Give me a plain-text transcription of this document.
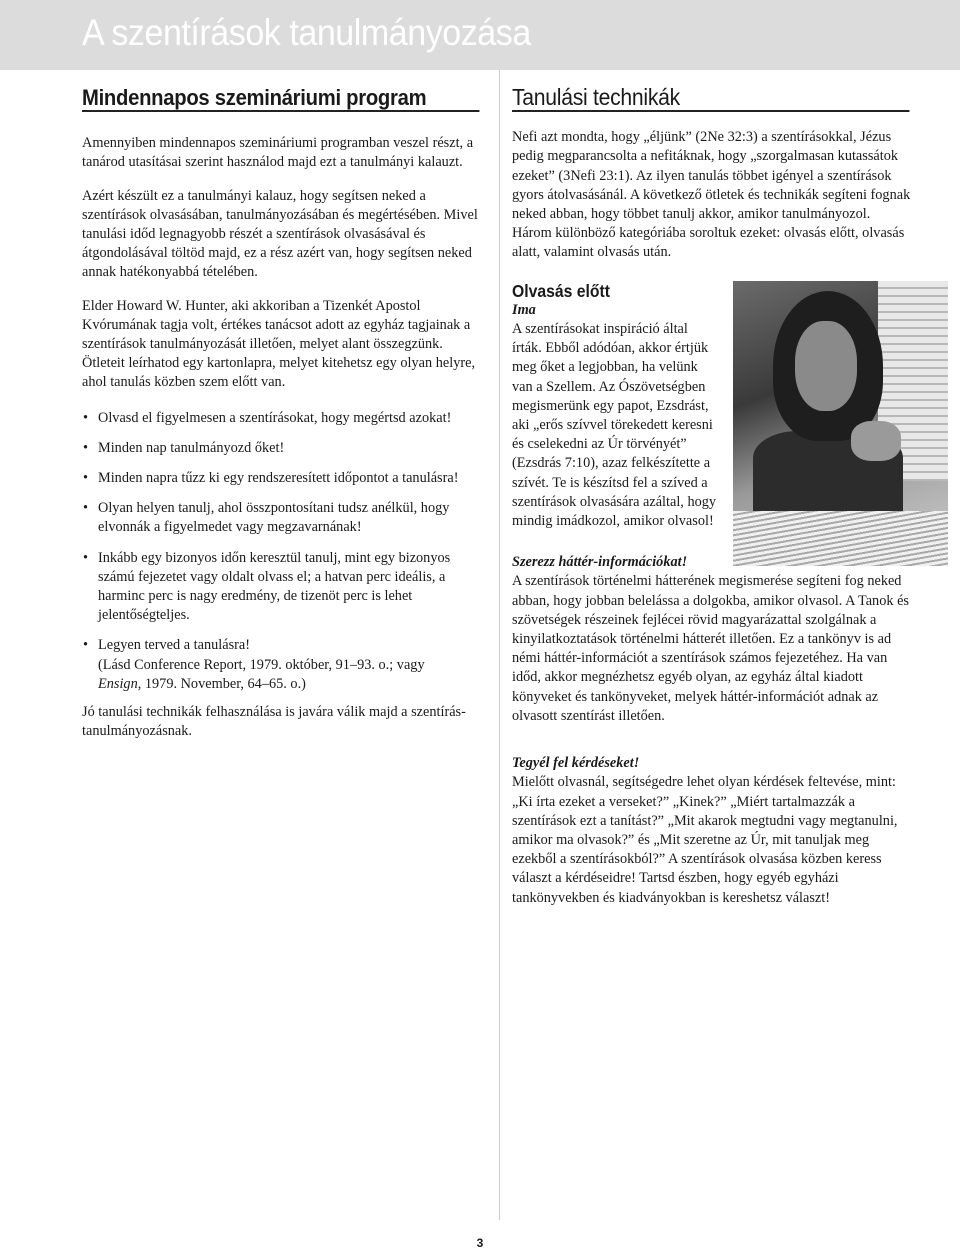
A szentírások tanulmányozása
Mindennapos szemináriumi program

Amennyiben mindennapos szemináriumi programban veszel részt, a tanárod utasításai szerint használod majd ezt a tanulmányi kalauzt.

Azért készült ez a tanulmányi kalauz, hogy segítsen neked a szentírások olvasásában, tanulmányozásában és megértésében. Mivel tanulási időd legnagyobb részét a szentírások olvasásával és átgondolásával töltöd majd, ez a rész azért van, hogy segítsen neked annak hatékonyabbá tételében.

Elder Howard W. Hunter, aki akkoriban a Tizenkét Apostol Kvórumának tagja volt, értékes tanácsot adott az egyház tagjainak a szentírások tanulmányozását illetően, melyet alant összegzünk. Ötleteit leírhatod egy kartonlapra, melyet kitehetsz egy olyan helyre, ahol tanulás közben szem előtt van.

• Olvasd el figyelmesen a szentírásokat, hogy megértsd azokat!
• Minden nap tanulmányozd őket!
• Minden napra tűzz ki egy rendszeresített időpontot a tanulásra!
• Olyan helyen tanulj, ahol összpontosítani tudsz anélkül, hogy elvonnák a figyelmedet vagy megzavarnának!
• Inkább egy bizonyos időn keresztül tanulj, mint egy bizonyos számú fejezetet vagy oldalt olvass el; a hatvan perc ideális, a harminc perc is nagy eredmény, de tizenöt perc is lehet jelentőségteljes.
• Legyen terved a tanulásra!
(Lásd Conference Report, 1979. október, 91–93. o.; vagy
Ensign, 1979. November, 64–65. o.)

Jó tanulási technikák felhasználása is javára válik majd a szentírás-tanulmányozásnak.

Tanulási technikák

Nefi azt mondta, hogy „éljünk” (2Ne 32:3) a szentírásokkal, Jézus pedig megparancsolta a nefitáknak, hogy „szorgalmasan kutassátok ezeket” (3Nefi 23:1). Az ilyen tanulás többet igényel a szentírások gyors átolvasásánál. A következő ötletek és technikák segíteni fognak neked abban, hogy többet tanulj akkor, amikor tanulmányozol. Három különböző kategóriába soroltuk ezeket: olvasás előtt, olvasás alatt, valamint olvasás után.

Olvasás előtt

Ima

A szentírásokat inspiráció által írták. Ebből adódóan, akkor értjük meg őket a legjobban, ha velünk van a Szellem. Az Ószövetségben megismerünk egy papot, Ezsdrást, aki „erős szívvel törekedett keresni és cselekedni az Úr törvényét” (Ezsdrás 7:10), azaz felkészítette a szívét. Te is készítsd fel a szíved a szentírások olvasására azáltal, hogy mindig imádkozol, amikor olvasol!

Szerezz háttér-információkat!

A szentírások történelmi hátterének megismerése segíteni fog neked abban, hogy jobban belelássa a dolgokba, amikor olvasol. A Tanok és szövetségek részeinek fejlécei rövid magyarázattal szolgálnak a kinyilatkoztatások történelmi hátterét illetően. Ez a tankönyv is ad némi háttér-információt a szentírások számos fejezetéhez. Ha van időd, akkor megnézhetsz egyéb olyan, az egyház által kiadott könyveket és tankönyveket, melyek háttér-információt adnak az olvasott szentírást illetően.

Tegyél fel kérdéseket!

Mielőtt olvasnál, segítségedre lehet olyan kérdések feltevése, mint: „Ki írta ezeket a verseket?” „Kinek?” „Miért tartalmazzák a szentírások ezt a tanítást?” „Mit akarok megtudni vagy megtanulni, amikor ma olvasok?” és „Mit szeretne az Úr, mit tanuljak meg ezekből a szentírásokból?” A szentírások olvasása közben keress választ a kérdéseidre! Tartsd észben, hogy egyéb egyházi tankönyvekben és kiadványokban is kereshetsz választ!

3
